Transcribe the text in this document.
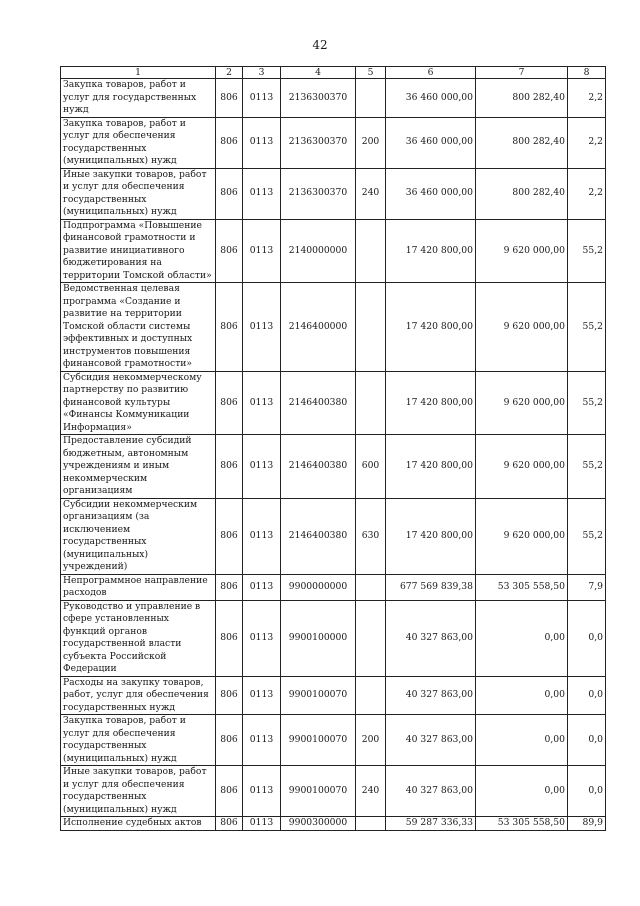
42
1	2	3	4	5	6	7	8
Закупка товаров, работ и услуг для государственных нужд	806	0113	2136300370		36 460 000,00	800 282,40	2,2
Закупка товаров, работ и услуг для обеспечения государственных (муниципальных) нужд	806	0113	2136300370	200	36 460 000,00	800 282,40	2,2
Иные закупки товаров, работ и услуг для обеспечения государственных (муниципальных) нужд	806	0113	2136300370	240	36 460 000,00	800 282,40	2,2
Подпрограмма «Повышение финансовой грамотности и развитие инициативного бюджетирования на территории Томской области»	806	0113	2140000000		17 420 800,00	9 620 000,00	55,2
Ведомственная целевая программа «Создание и развитие на территории Томской области системы эффективных и доступных инструментов повышения финансовой грамотности»	806	0113	2146400000		17 420 800,00	9 620 000,00	55,2
Субсидия некоммерческому партнерству по развитию финансовой культуры «Финансы Коммуникации Информация»	806	0113	2146400380		17 420 800,00	9 620 000,00	55,2
Предоставление субсидий бюджетным, автономным учреждениям и иным некоммерческим организациям	806	0113	2146400380	600	17 420 800,00	9 620 000,00	55,2
Субсидии некоммерческим организациям (за исключением государственных (муниципальных) учреждений)	806	0113	2146400380	630	17 420 800,00	9 620 000,00	55,2
Непрограммное направление расходов	806	0113	9900000000		677 569 839,38	53 305 558,50	7,9
Руководство и управление в сфере установленных функций органов государственной власти субъекта Российской Федерации	806	0113	9900100000		40 327 863,00	0,00	0,0
Расходы на закупку товаров, работ, услуг для обеспечения государственных нужд	806	0113	9900100070		40 327 863,00	0,00	0,0
Закупка товаров, работ и услуг для обеспечения государственных (муниципальных) нужд	806	0113	9900100070	200	40 327 863,00	0,00	0,0
Иные закупки товаров, работ и услуг для обеспечения государственных (муниципальных) нужд	806	0113	9900100070	240	40 327 863,00	0,00	0,0
Исполнение судебных актов	806	0113	9900300000		59 287 336,33	53 305 558,50	89,9
